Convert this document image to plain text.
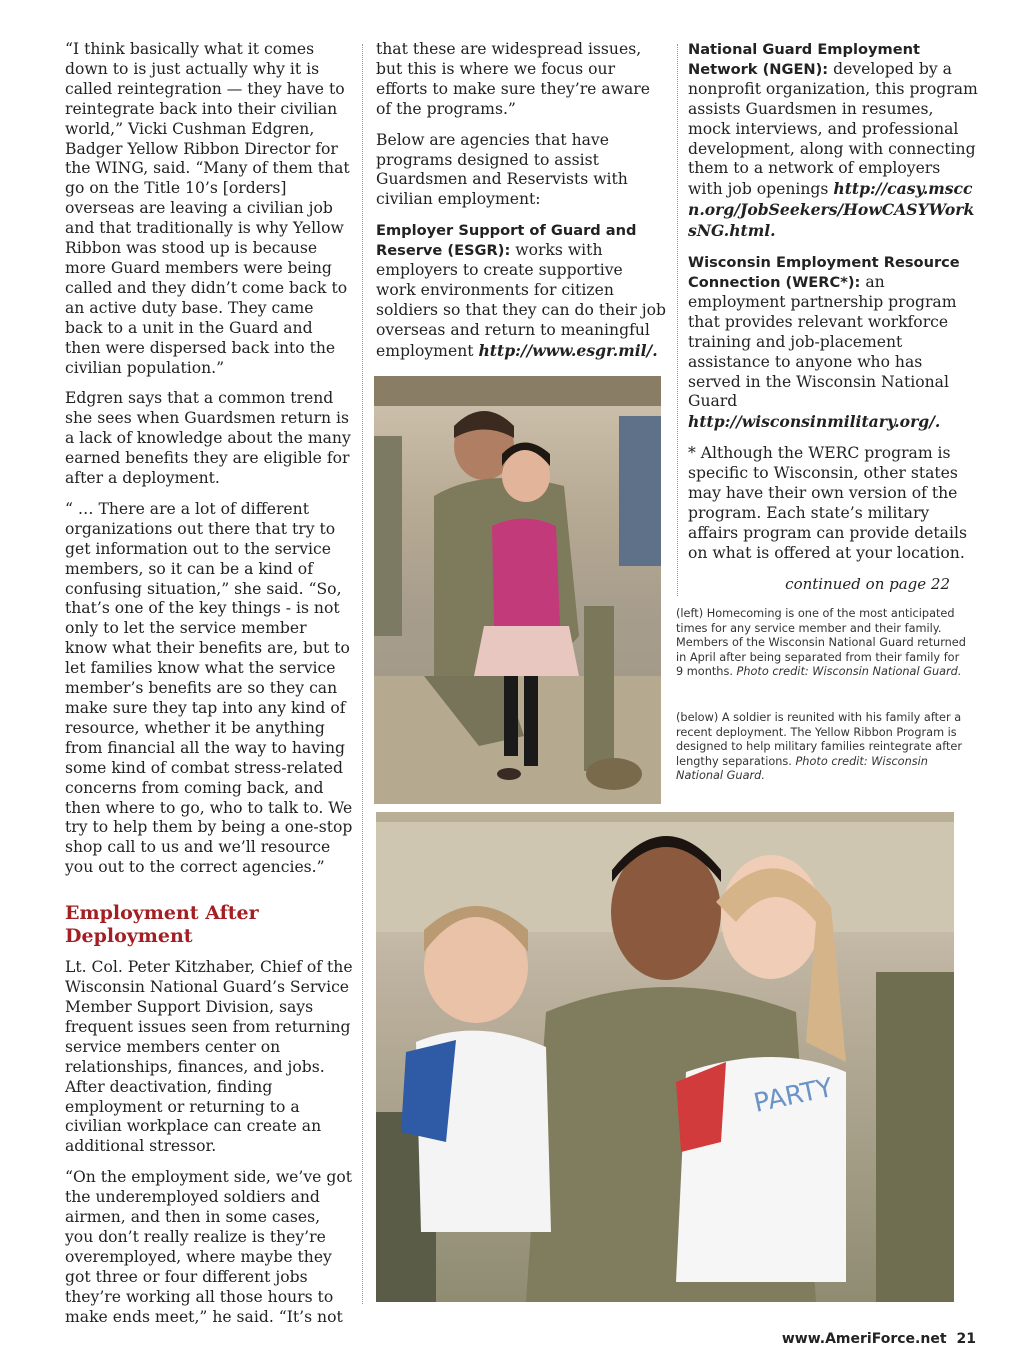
“I think basically what it comes down to is just actually why it is called reintegration — they have to reintegrate back into their civilian world,” Vicki Cushman Edgren, Badger Yellow Ribbon Director for the WING, said. “Many of them that go on the Title 10’s [orders] overseas are leaving a civilian job and that traditionally is why Yellow Ribbon was stood up is because more Guard members were being called and they didn’t come back to an active duty base. They came back to a unit in the Guard and then were dispersed back into the civilian population.”

Edgren says that a common trend she sees when Guardsmen return is a lack of knowledge about the many earned benefits they are eligible for after a deployment.

“ … There are a lot of different organizations out there that try to get information out to the service members, so it can be a kind of confusing situation,” she said. “So, that’s one of the key things - is not only to let the service member know what their benefits are, but to let families know what the service member’s benefits are so they can make sure they tap into any kind of resource, whether it be anything from financial all the way to having some kind of combat stress-related concerns from coming back, and then where to go, who to talk to. We try to help them by being a one-stop shop call to us and we’ll resource you out to the correct agencies.”

Employment After Deployment

Lt. Col. Peter Kitzhaber, Chief of the Wisconsin National Guard’s Service Member Support Division, says frequent issues seen from returning service members center on relationships, finances, and jobs. After deactivation, finding employment or returning to a civilian workplace can create an additional stressor.

“On the employment side, we’ve got the underemployed soldiers and airmen, and then in some cases, you don’t really realize is they’re overemployed, where maybe they got three or four different jobs they’re working all those hours to make ends meet,” he said. “It’s not

that these are widespread issues, but this is where we focus our efforts to make sure they’re aware of the programs.”

Below are agencies that have programs designed to assist Guardsmen and Reservists with civilian employment:

Employer Support of Guard and Reserve (ESGR): works with employers to create supportive work environments for citizen soldiers so that they can do their job overseas and return to meaningful employment http://www.esgr.mil/.

National Guard Employment Network (NGEN): developed by a nonprofit organization, this program assists Guardsmen in resumes, mock interviews, and professional development, along with connecting them to a network of employers with job openings http://casy.msccn.org/JobSeekers/HowCASYWorksNG.html.

Wisconsin Employment Resource Connection (WERC*): an employment partnership program that provides relevant workforce training and job-placement assistance to anyone who has served in the Wisconsin National Guard http://wisconsinmilitary.org/.

* Although the WERC program is specific to Wisconsin, other states may have their own version of the program. Each state’s military affairs program can provide details on what is offered at your location.

continued on page 22
(left) Homecoming is one of the most anticipated times for any service member and their family. Members of the Wisconsin National Guard returned in April after being separated from their family for 9 months. Photo credit: Wisconsin National Guard.
(below) A soldier is reunited with his family after a recent deployment. The Yellow Ribbon Program is designed to help military families reintegrate after lengthy separations. Photo credit: Wisconsin National Guard.
PARTY
www.AmeriForce.net 21
